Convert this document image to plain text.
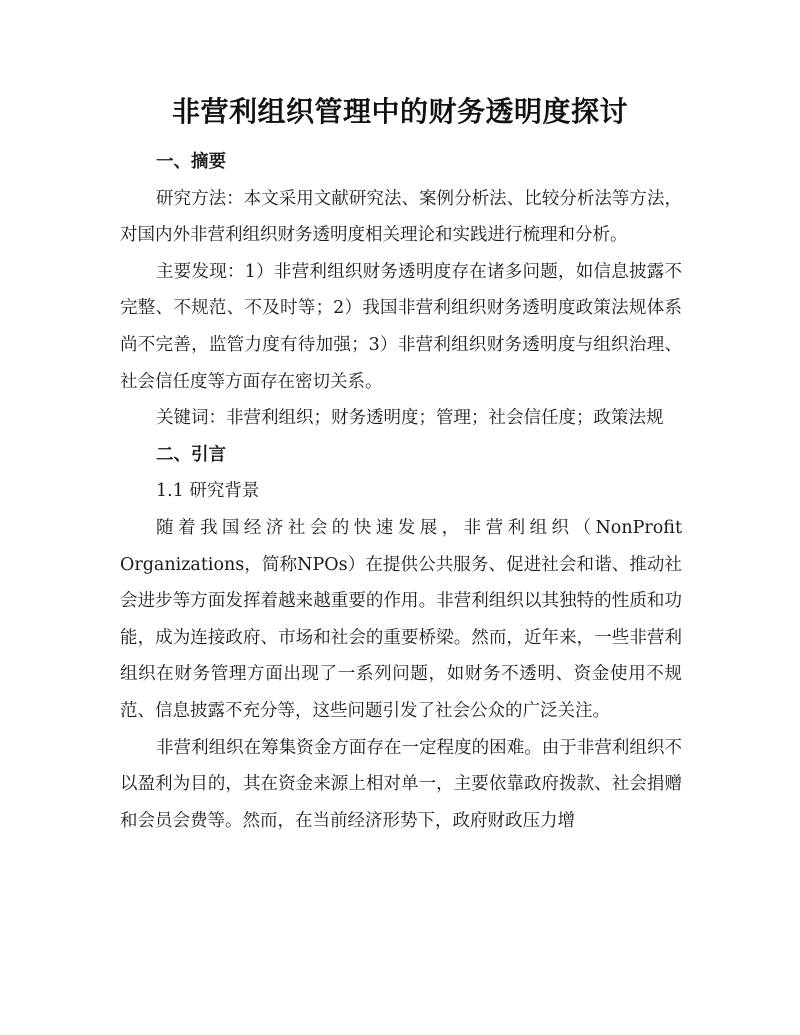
非营利组织管理中的财务透明度探讨

一、摘要

研究方法：本文采用文献研究法、案例分析法、比较分析法等方法，对国内外非营利组织财务透明度相关理论和实践进行梳理和分析。

主要发现：1）非营利组织财务透明度存在诸多问题，如信息披露不完整、不规范、不及时等；2）我国非营利组织财务透明度政策法规体系尚不完善，监管力度有待加强；3）非营利组织财务透明度与组织治理、社会信任度等方面存在密切关系。

关键词：非营利组织；财务透明度；管理；社会信任度；政策法规

二、引言

1.1 研究背景

随着我国经济社会的快速发展，非营利组织（NonProfit Organizations，简称NPOs）在提供公共服务、促进社会和谐、推动社会进步等方面发挥着越来越重要的作用。非营利组织以其独特的性质和功能，成为连接政府、市场和社会的重要桥梁。然而，近年来，一些非营利组织在财务管理方面出现了一系列问题，如财务不透明、资金使用不规范、信息披露不充分等，这些问题引发了社会公众的广泛关注。

非营利组织在筹集资金方面存在一定程度的困难。由于非营利组织不以盈利为目的，其在资金来源上相对单一，主要依靠政府拨款、社会捐赠和会员会费等。然而，在当前经济形势下，政府财政压力增
